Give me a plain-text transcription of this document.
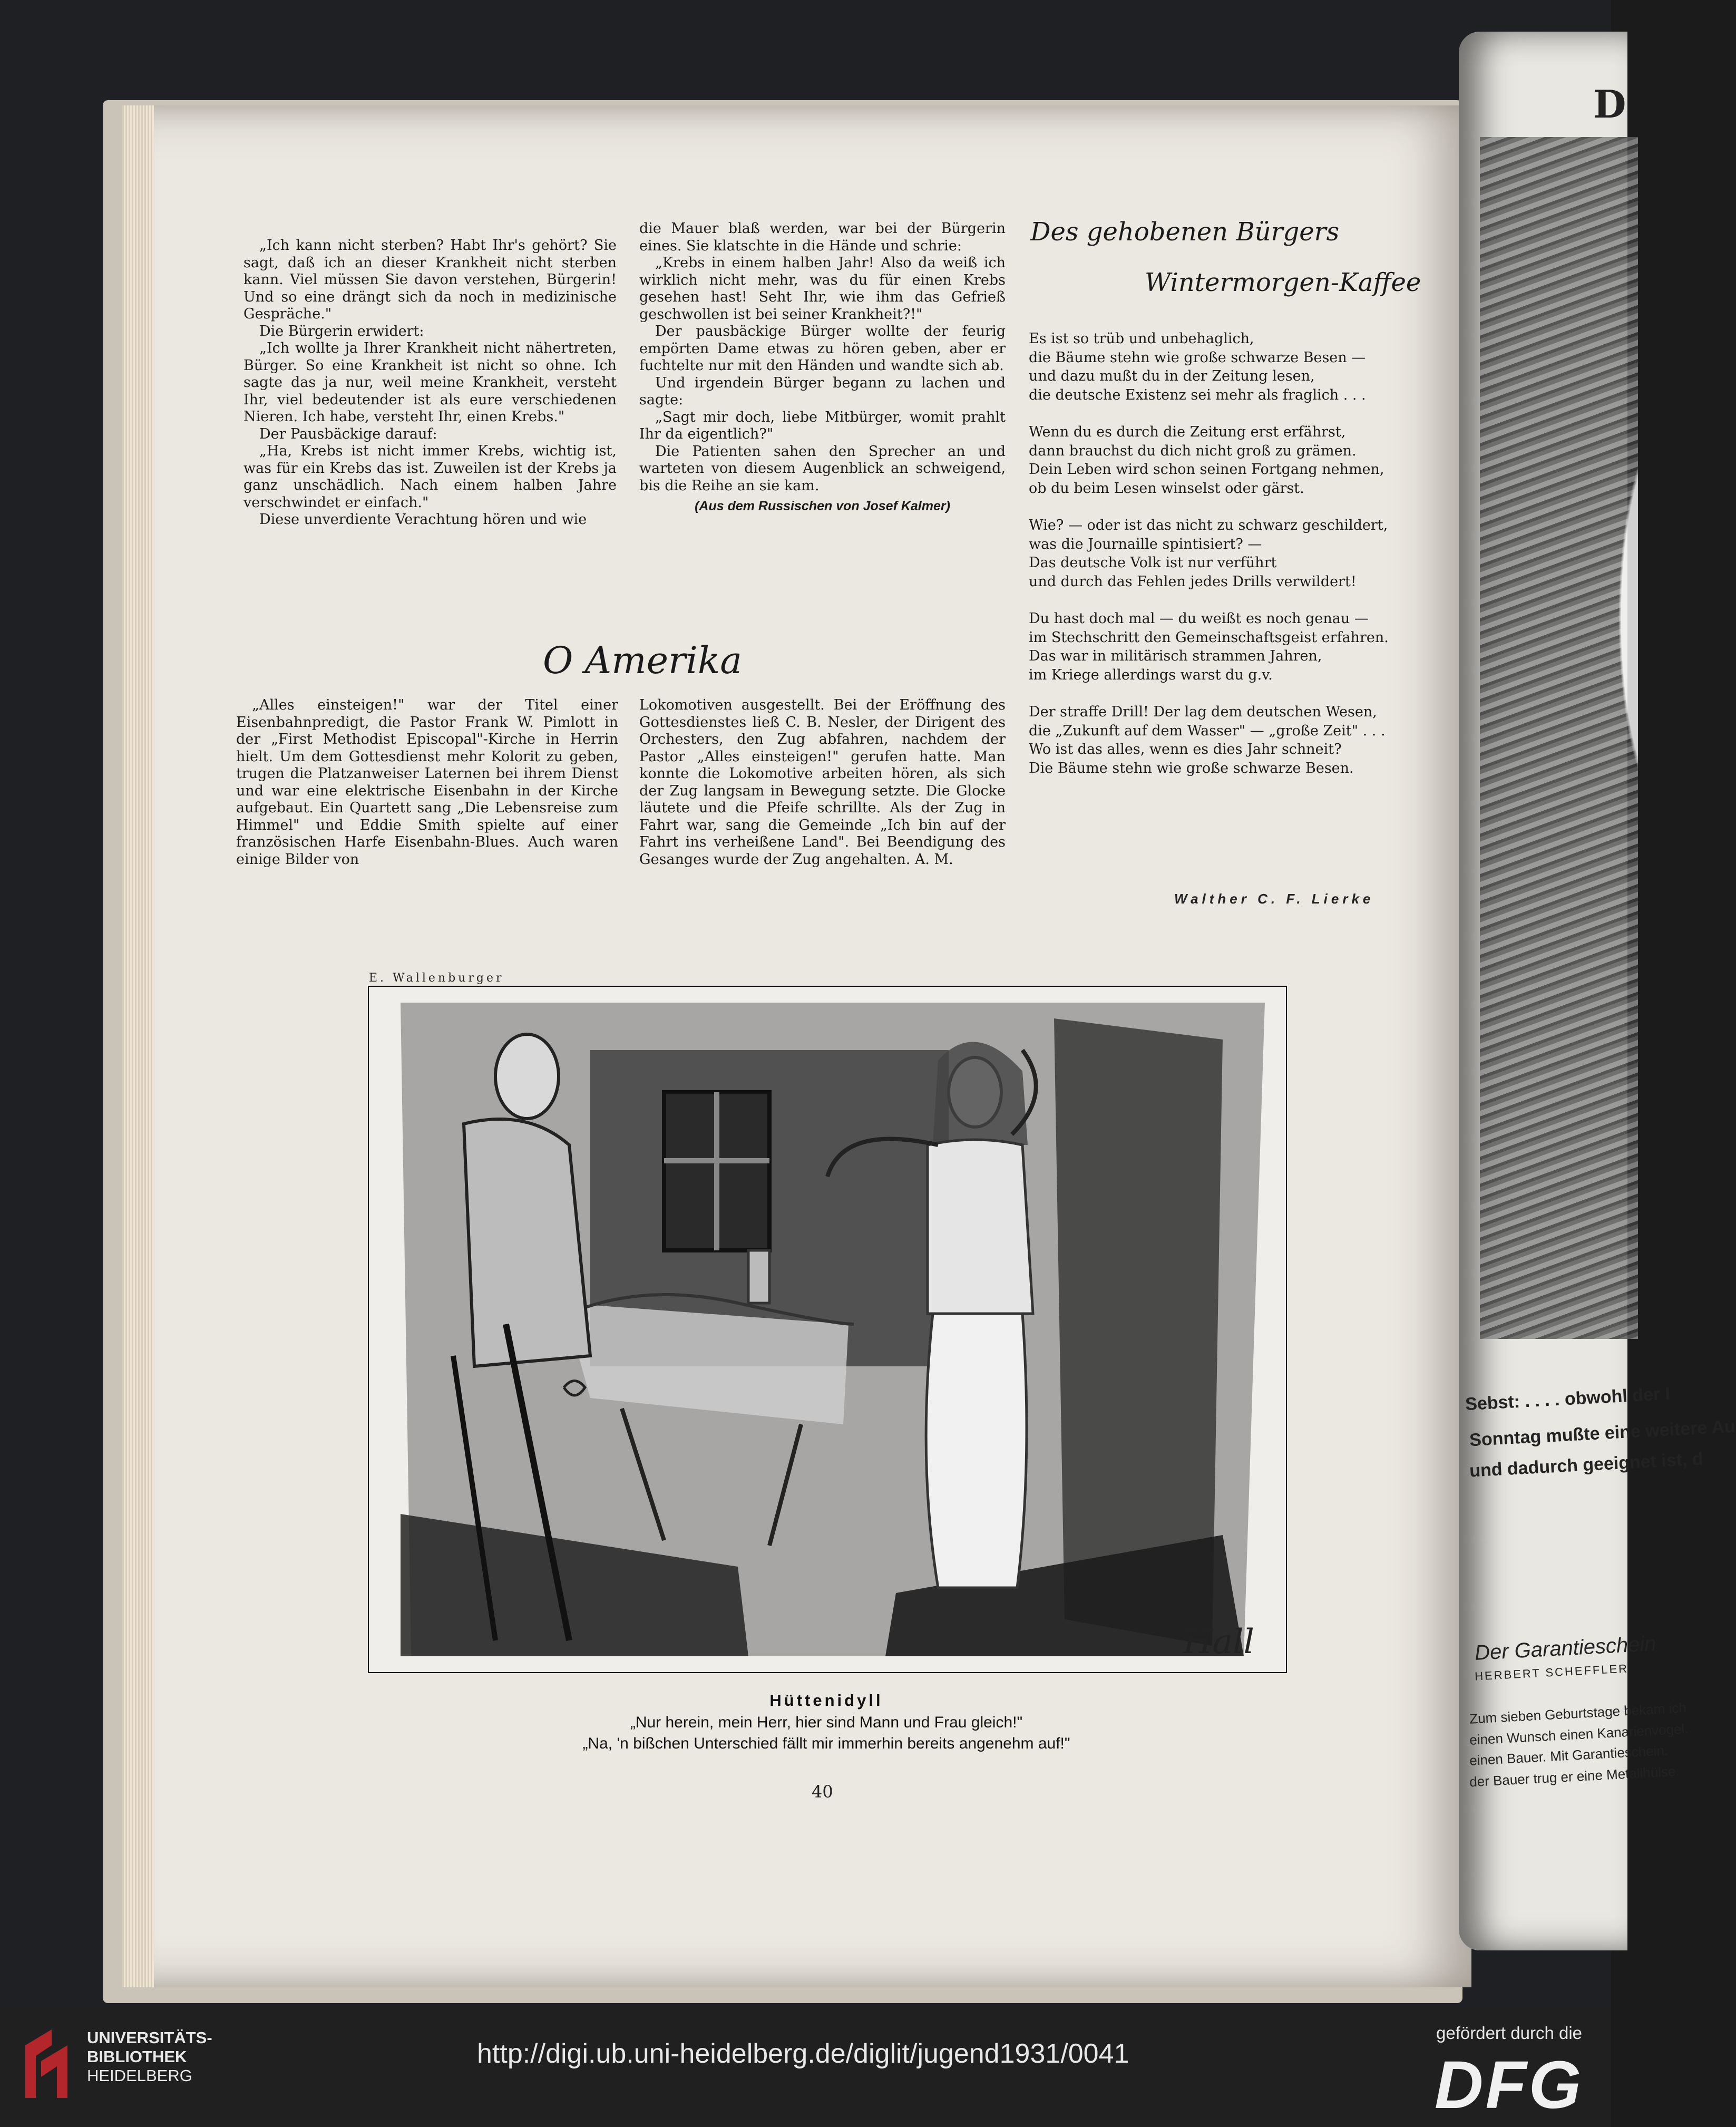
D
Sebst: . . . . obwohl der I
Sonntag mußte eine weitere Au
und dadurch geeignet ist, d
Der Garantieschein
HERBERT SCHEFFLER
Zum sieben Geburtstage bekam ich
einen Wunsch einen Kanarienvogel.
einen Bauer. Mit Garantieschein.
der Bauer trug er eine Metallhülse.

„Ich kann nicht sterben? Habt Ihr's gehört? Sie sagt, daß ich an dieser Krankheit nicht sterben kann. Viel müssen Sie davon verstehen, Bürgerin! Und so eine drängt sich da noch in medizinische Gespräche."

Die Bürgerin erwidert:

„Ich wollte ja Ihrer Krankheit nicht nähertreten, Bürger. So eine Krankheit ist nicht so ohne. Ich sagte das ja nur, weil meine Krankheit, versteht Ihr, viel bedeutender ist als eure verschiedenen Nieren. Ich habe, versteht Ihr, einen Krebs."

Der Pausbäckige darauf:

„Ha, Krebs ist nicht immer Krebs, wichtig ist, was für ein Krebs das ist. Zuweilen ist der Krebs ja ganz unschädlich. Nach einem halben Jahre verschwindet er einfach."

Diese unverdiente Verachtung hören und wie

die Mauer blaß werden, war bei der Bürgerin eines. Sie klatschte in die Hände und schrie:

„Krebs in einem halben Jahr! Also da weiß ich wirklich nicht mehr, was du für einen Krebs gesehen hast! Seht Ihr, wie ihm das Gefrieß geschwollen ist bei seiner Krankheit?!"

Der pausbäckige Bürger wollte der feurig empörten Dame etwas zu hören geben, aber er fuchtelte nur mit den Händen und wandte sich ab.

Und irgendein Bürger begann zu lachen und sagte:

„Sagt mir doch, liebe Mitbürger, womit prahlt Ihr da eigentlich?"

Die Patienten sahen den Sprecher an und warteten von diesem Augenblick an schweigend, bis die Reihe an sie kam.

(Aus dem Russischen von Josef Kalmer)
Des gehobenen Bürgers
Wintermorgen-Kaffee
Es ist so trüb und unbehaglich,
die Bäume stehn wie große schwarze Besen —
und dazu mußt du in der Zeitung lesen,
die deutsche Existenz sei mehr als fraglich . . .
Wenn du es durch die Zeitung erst erfährst,
dann brauchst du dich nicht groß zu grämen.
Dein Leben wird schon seinen Fortgang nehmen,
ob du beim Lesen winselst oder gärst.
Wie? — oder ist das nicht zu schwarz geschildert,
was die Journaille spintisiert? —
Das deutsche Volk ist nur verführt
und durch das Fehlen jedes Drills verwildert!
Du hast doch mal — du weißt es noch genau —
im Stechschritt den Gemeinschaftsgeist erfahren.
Das war in militärisch strammen Jahren,
im Kriege allerdings warst du g.v.
Der straffe Drill! Der lag dem deutschen Wesen,
die „Zukunft auf dem Wasser" — „große Zeit" . . .
Wo ist das alles, wenn es dies Jahr schneit?
Die Bäume stehn wie große schwarze Besen.
Walther C. F. Lierke
O Amerika

„Alles einsteigen!" war der Titel einer Eisenbahnpredigt, die Pastor Frank W. Pimlott in der „First Methodist Episcopal"-Kirche in Herrin hielt. Um dem Gottesdienst mehr Kolorit zu geben, trugen die Platzanweiser Laternen bei ihrem Dienst und war eine elektrische Eisenbahn in der Kirche aufgebaut. Ein Quartett sang „Die Lebensreise zum Himmel" und Eddie Smith spielte auf einer französischen Harfe Eisenbahn-Blues. Auch waren einige Bilder von

Lokomotiven ausgestellt. Bei der Eröffnung des Gottesdienstes ließ C. B. Nesler, der Dirigent des Orchesters, den Zug abfahren, nachdem der Pastor „Alles einsteigen!" gerufen hatte. Man konnte die Lokomotive arbeiten hören, als sich der Zug langsam in Bewegung setzte. Die Glocke läutete und die Pfeife schrillte. Als der Zug in Fahrt war, sang die Gemeinde „Ich bin auf der Fahrt ins verheißene Land". Bei Beendigung des Gesanges wurde der Zug angehalten. A. M.

E. Wallenburger
Hall
Hüttenidyll
„Nur herein, mein Herr, hier sind Mann und Frau gleich!"
„Na, 'n bißchen Unterschied fällt mir immerhin bereits angenehm auf!"
40
UNIVERSITÄTS-
BIBLIOTHEK
HEIDELBERG
http://digi.ub.uni-heidelberg.de/diglit/jugend1931/0041
gefördert durch die
DFG
